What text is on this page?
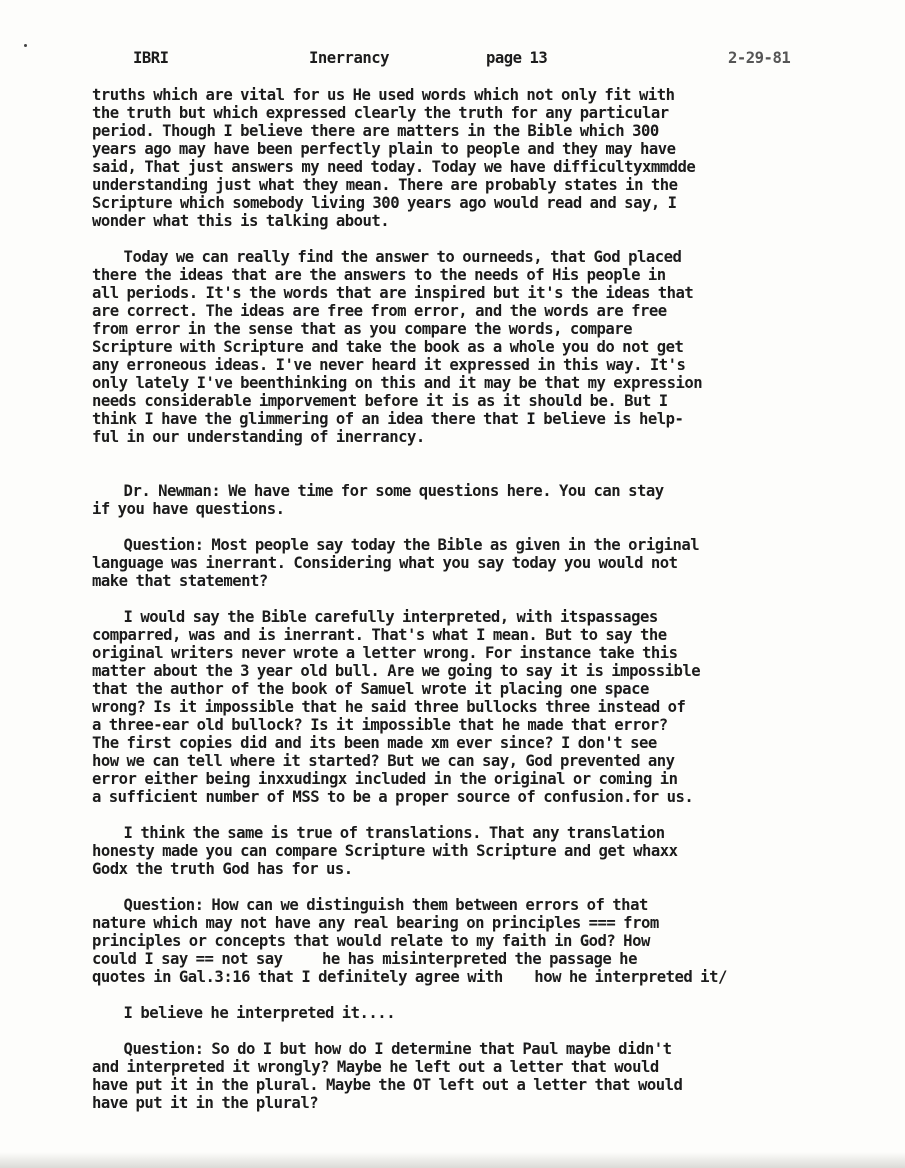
IBRI	Inerrancy	page 13	2-29-81

truths which are vital for us He used words which not only fit with
the truth but which expressed clearly the truth for any particular
period. Though I believe there are matters in the Bible which 300
years ago may have been perfectly plain to people and they may have
said, That just answers my need today. Today we have difficultyxmmdde
understanding just what they mean. There are probably states in the
Scripture which somebody living 300 years ago would read and say, I
wonder what this is talking about.

Today we can really find the answer to ourneeds, that God placed
there the ideas that are the answers to the needs of His people in
all periods. It's the words that are inspired but it's the ideas that
are correct. The ideas are free from error, and the words are free
from error in the sense that as you compare the words, compare
Scripture with Scripture and take the book as a whole you do not get
any erroneous ideas. I've never heard it expressed in this way. It's
only lately I've beenthinking on this and it may be that my expression
needs considerable imporvement before it is as it should be. But I
think I have the glimmering of an idea there that I believe is help-
ful in our understanding of inerrancy.

Dr. Newman: We have time for some questions here. You can stay
if you have questions.

Question: Most people say today the Bible as given in the original
language was inerrant. Considering what you say today you would not
make that statement?

I would say the Bible carefully interpreted, with itspassages
comparred, was and is inerrant. That's what I mean. But to say the
original writers never wrote a letter wrong. For instance take this
matter about the 3 year old bull. Are we going to say it is impossible
that the author of the book of Samuel wrote it placing one space
wrong? Is it impossible that he said three bullocks three instead of
a three-ear old bullock? Is it impossible that he made that error?
The first copies did and its been made xm ever since? I don't see
how we can tell where it started? But we can say, God prevented any
error either being inxxudingx included in the original or coming in
a sufficient number of MSS to be a proper source of confusion.for us.

I think the same is true of translations. That any translation
honesty made you can compare Scripture with Scripture and get whaxx
Godx the truth God has for us.

Question: How can we distinguish them between errors of that
nature which may not have any real bearing on principles === from
principles or concepts that would relate to my faith in God? How
could I say == not say     he has misinterpreted the passage he
quotes in Gal.3:16 that I definitely agree with    how he interpreted it/

I believe he interpreted it....

Question: So do I but how do I determine that Paul maybe didn't
and interpreted it wrongly? Maybe he left out a letter that would
have put it in the plural. Maybe the OT left out a letter that would
have put it in the plural?
